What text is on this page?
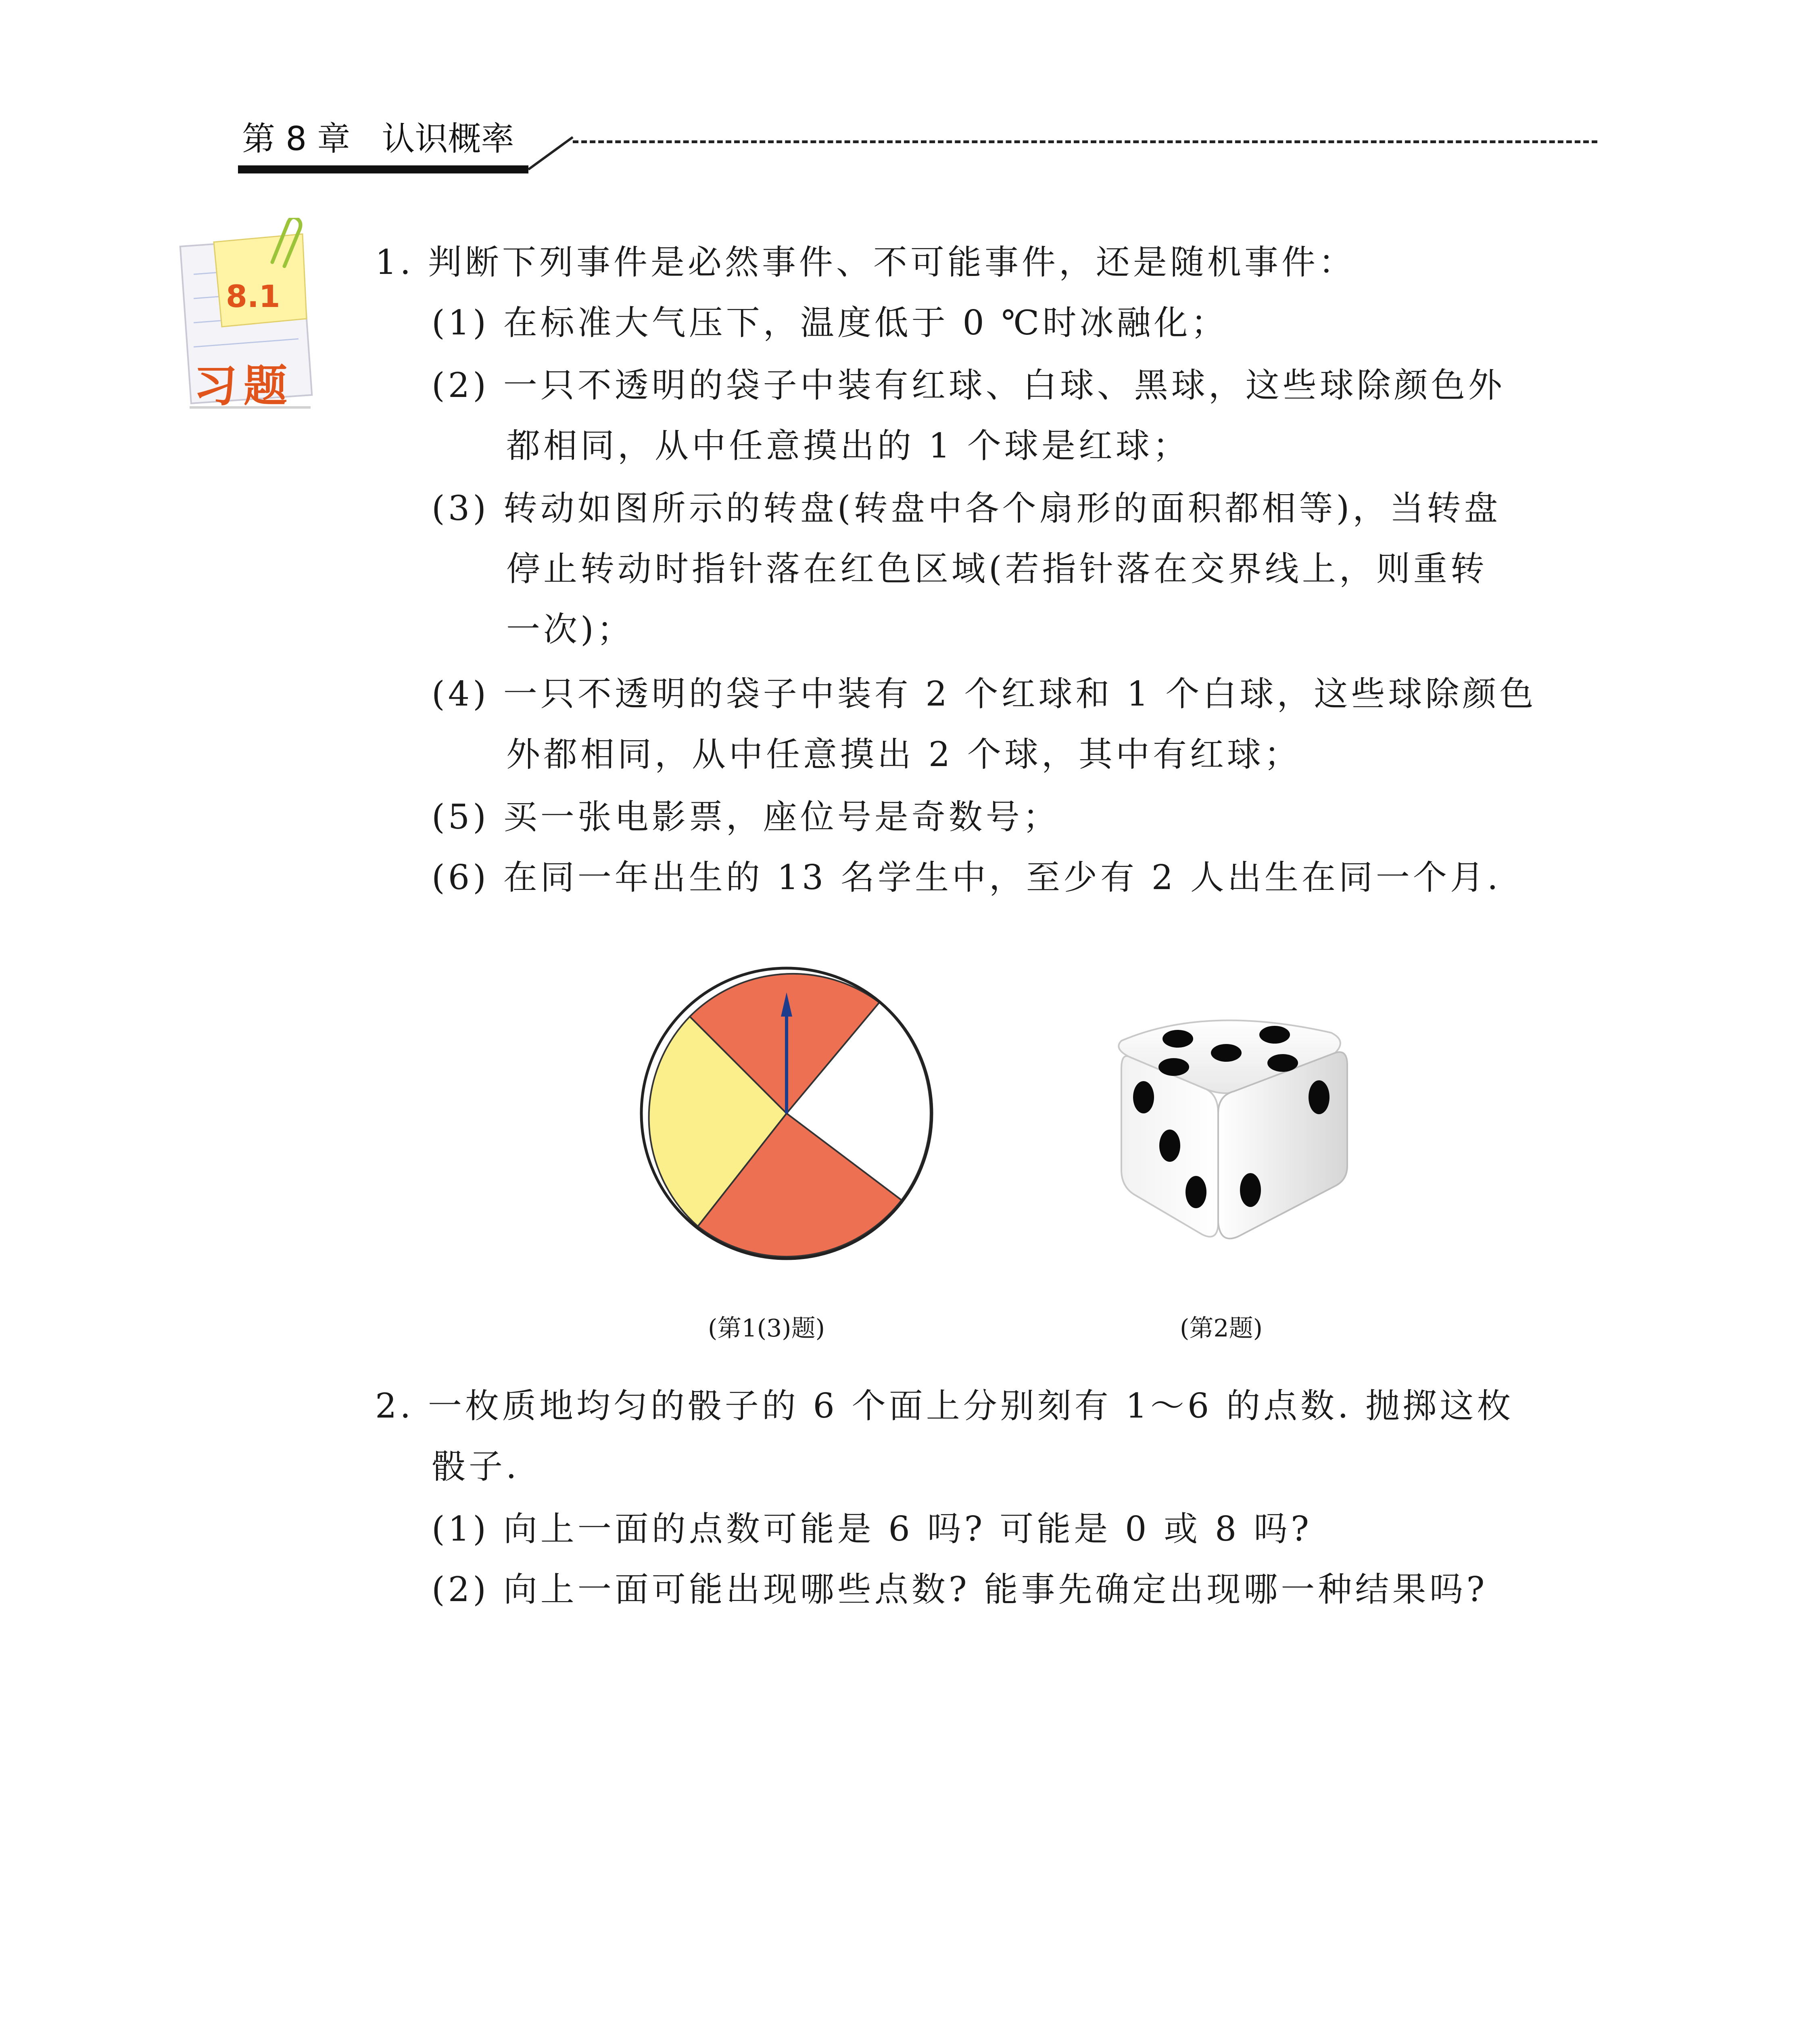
第 8 章 认识概率
8.1
习题
1. 判断下列事件是必然事件、不可能事件，还是随机事件：
(1) 在标准大气压下，温度低于 0 ℃时冰融化；
(2) 一只不透明的袋子中装有红球、白球、黑球，这些球除颜色外
都相同，从中任意摸出的 1 个球是红球；
(3) 转动如图所示的转盘(转盘中各个扇形的面积都相等)，当转盘
停止转动时指针落在红色区域(若指针落在交界线上，则重转
一次)；
(4) 一只不透明的袋子中装有 2 个红球和 1 个白球，这些球除颜色
外都相同，从中任意摸出 2 个球，其中有红球；
(5) 买一张电影票，座位号是奇数号；
(6) 在同一年出生的 13 名学生中，至少有 2 人出生在同一个月.
(第1(3)题)	(第2题)
2. 一枚质地均匀的骰子的 6 个面上分别刻有 1～6 的点数. 抛掷这枚
骰子.
(1) 向上一面的点数可能是 6 吗? 可能是 0 或 8 吗?
(2) 向上一面可能出现哪些点数? 能事先确定出现哪一种结果吗?
